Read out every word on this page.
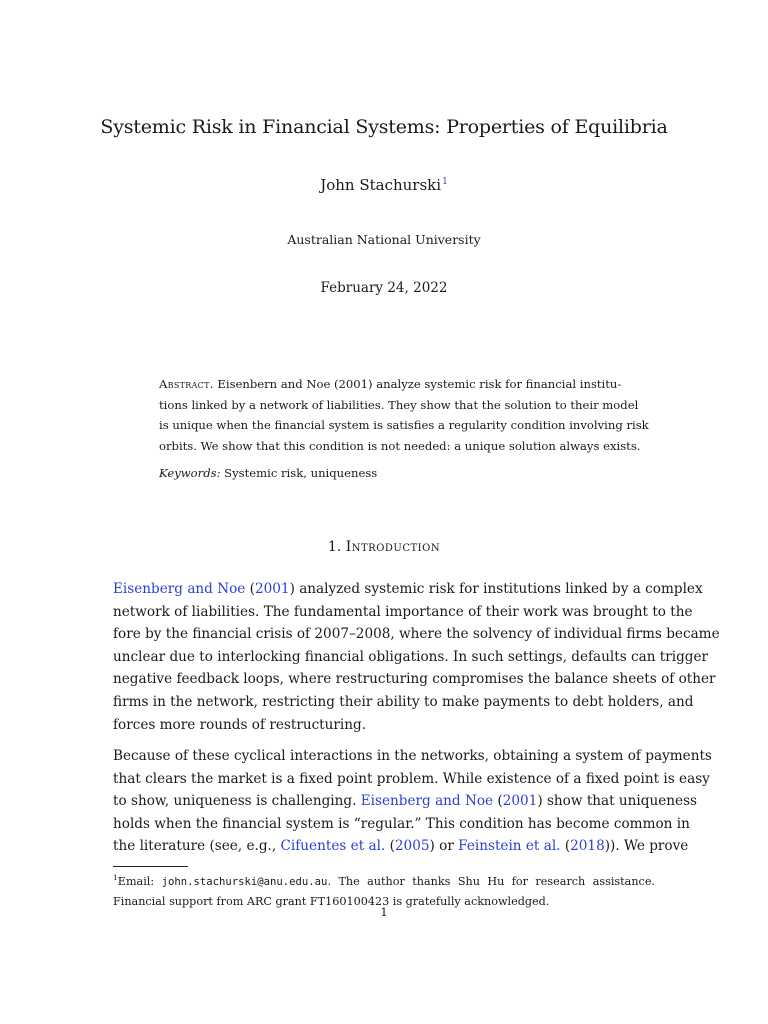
Systemic Risk in Financial Systems: Properties of Equilibria
John Stachurski$^1$
Australian National University
February 24, 2022
Abstract. Eisenbern and Noe (2001) analyze systemic risk for financial institu-
tions linked by a network of liabilities. They show that the solution to their model
is unique when the financial system is satisfies a regularity condition involving risk
orbits. We show that this condition is not needed: a unique solution always exists.
Keywords: Systemic risk, uniqueness
1. Introduction
Eisenberg and Noe (2001) analyzed systemic risk for institutions linked by a complex
network of liabilities. The fundamental importance of their work was brought to the
fore by the financial crisis of 2007–2008, where the solvency of individual firms became
unclear due to interlocking financial obligations. In such settings, defaults can trigger
negative feedback loops, where restructuring compromises the balance sheets of other
firms in the network, restricting their ability to make payments to debt holders, and
forces more rounds of restructuring.
Because of these cyclical interactions in the networks, obtaining a system of payments
that clears the market is a fixed point problem. While existence of a fixed point is easy
to show, uniqueness is challenging. Eisenberg and Noe (2001) show that uniqueness
holds when the financial system is “regular.” This condition has become common in
the literature (see, e.g., Cifuentes et al. (2005) or Feinstein et al. (2018)). We prove
$^1$Email: john.stachurski@anu.edu.au. The author thanks Shu Hu for research assistance.
Financial support from ARC grant FT160100423 is gratefully acknowledged.
1
